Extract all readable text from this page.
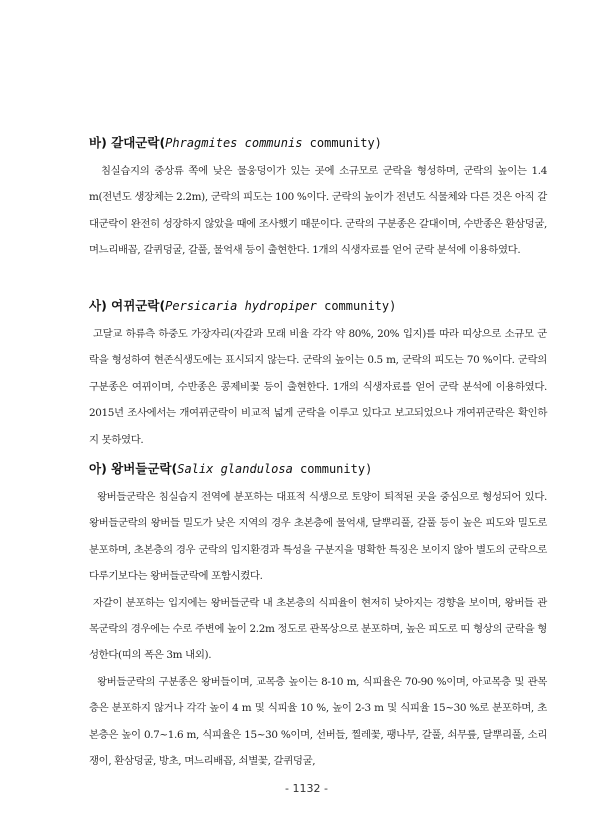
바) 갈대군락(Phragmites communis community)

침실습지의 중상류 쪽에 낮은 물웅덩이가 있는 곳에 소규모로 군락을 형성하며, 군락의 높이는 1.4 m(전년도 생장체는 2.2m), 군락의 피도는 100 %이다. 군락의 높이가 전년도 식물체와 다른 것은 아직 갈대군락이 완전히 성장하지 않았을 때에 조사했기 때문이다. 군락의 구분종은 갈대이며, 수반종은 환삼덩굴, 며느리배꼽, 갈퀴덩굴, 갈풀, 물억새 등이 출현한다. 1개의 식생자료를 얻어 군락 분석에 이용하였다.

사) 여뀌군락(Persicaria hydropiper community)

고달교 하류측 하중도 가장자리(자갈과 모래 비율 각각 약 80%, 20% 입지)를 따라 띠상으로 소규모 군락을 형성하여 현존식생도에는 표시되지 않는다. 군락의 높이는 0.5 m, 군락의 피도는 70 %이다. 군락의 구분종은 여뀌이며, 수반종은 콩제비꽃 등이 출현한다. 1개의 식생자료를 얻어 군락 분석에 이용하였다. 2015년 조사에서는 개여뀌군락이 비교적 넓게 군락을 이루고 있다고 보고되었으나 개여뀌군락은 확인하지 못하였다.

아) 왕버들군락(Salix glandulosa community)

왕버들군락은 침실습지 전역에 분포하는 대표적 식생으로 토양이 퇴적된 곳을 중심으로 형성되어 있다. 왕버들군락의 왕버들 밀도가 낮은 지역의 경우 초본층에 물억새, 달뿌리풀, 갈풀 등이 높은 피도와 밀도로 분포하며, 초본층의 경우 군락의 입지환경과 특성을 구분지을 명확한 특징은 보이지 않아 별도의 군락으로 다루기보다는 왕버들군락에 포함시켰다.

자갈이 분포하는 입지에는 왕버들군락 내 초본층의 식피율이 현저히 낮아지는 경향을 보이며, 왕버들 관목군락의 경우에는 수로 주변에 높이 2.2m 정도로 관목상으로 분포하며, 높은 피도로 띠 형상의 군락을 형성한다(띠의 폭은 3m 내외).

왕버들군락의 구분종은 왕버들이며, 교목층 높이는 8-10 m, 식피율은 70-90 %이며, 아교목층 및 관목층은 분포하지 않거나 각각 높이 4 m 및 식피율 10 %, 높이 2-3 m 및 식피율 15~30 %로 분포하며, 초본층은 높이 0.7~1.6 m, 식피율은 15~30 %이며, 선버들, 찔레꽃, 팽나무, 갈풀, 쇠무릎, 달뿌리풀, 소리쟁이, 환삼덩굴, 방초, 며느리배꼽, 쇠별꽃, 갈퀴덩굴,

- 1132 -
